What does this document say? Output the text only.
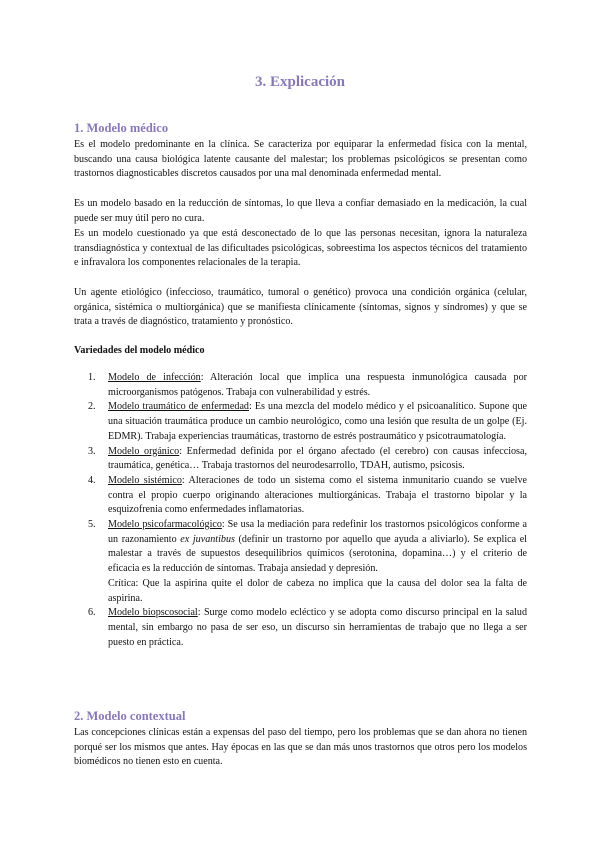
3. Explicación
1. Modelo médico

Es el modelo predominante en la clínica. Se caracteriza por equiparar la enfermedad física con la mental, buscando una causa biológica latente causante del malestar; los problemas psicológicos se presentan como trastornos diagnosticables discretos causados por una mal denominada enfermedad mental.

Es un modelo basado en la reducción de síntomas, lo que lleva a confiar demasiado en la medicación, la cual puede ser muy útil pero no cura.

Es un modelo cuestionado ya que está desconectado de lo que las personas necesitan, ignora la naturaleza transdiagnóstica y contextual de las dificultades psicológicas, sobreestima los aspectos técnicos del tratamiento e infravalora los componentes relacionales de la terapia.

Un agente etiológico (infeccioso, traumático, tumoral o genético) provoca una condición orgánica (celular, orgánica, sistémica o multiorgánica) que se manifiesta clínicamente (síntomas, signos y síndromes) y que se trata a través de diagnóstico, tratamiento y pronóstico.

Variedades del modelo médico
1. Modelo de infección: Alteración local que implica una respuesta inmunológica causada por microorganismos patógenos. Trabaja con vulnerabilidad y estrés.
2. Modelo traumático de enfermedad: Es una mezcla del modelo médico y el psicoanalítico. Supone que una situación traumática produce un cambio neurológico, como una lesión que resulta de un golpe (Ej. EDMR). Trabaja experiencias traumáticas, trastorno de estrés postraumático y psicotraumatología.
3. Modelo orgánico: Enfermedad definida por el órgano afectado (el cerebro) con causas infecciosa, traumática, genética… Trabaja trastornos del neurodesarrollo, TDAH, autismo, psicosis.
4. Modelo sistémico: Alteraciones de todo un sistema como el sistema inmunitario cuando se vuelve contra el propio cuerpo originando alteraciones multiorgánicas. Trabaja el trastorno bipolar y la esquizofrenia como enfermedades inflamatorias.
5. Modelo psicofarmacológico: Se usa la mediación para redefinir los trastornos psicológicos conforme a un razonamiento ex juvantibus (definir un trastorno por aquello que ayuda a aliviarlo). Se explica el malestar a través de supuestos desequilibrios químicos (serotonina, dopamina…) y el criterio de eficacia es la reducción de síntomas. Trabaja ansiedad y depresión.
Crítica: Que la aspirina quite el dolor de cabeza no implica que la causa del dolor sea la falta de aspirina.
6. Modelo biopscosocial: Surge como modelo ecléctico y se adopta como discurso principal en la salud mental, sin embargo no pasa de ser eso, un discurso sin herramientas de trabajo que no llega a ser puesto en práctica.
2. Modelo contextual

Las concepciones clínicas están a expensas del paso del tiempo, pero los problemas que se dan ahora no tienen porqué ser los mismos que antes. Hay épocas en las que se dan más unos trastornos que otros pero los modelos biomédicos no tienen esto en cuenta.
